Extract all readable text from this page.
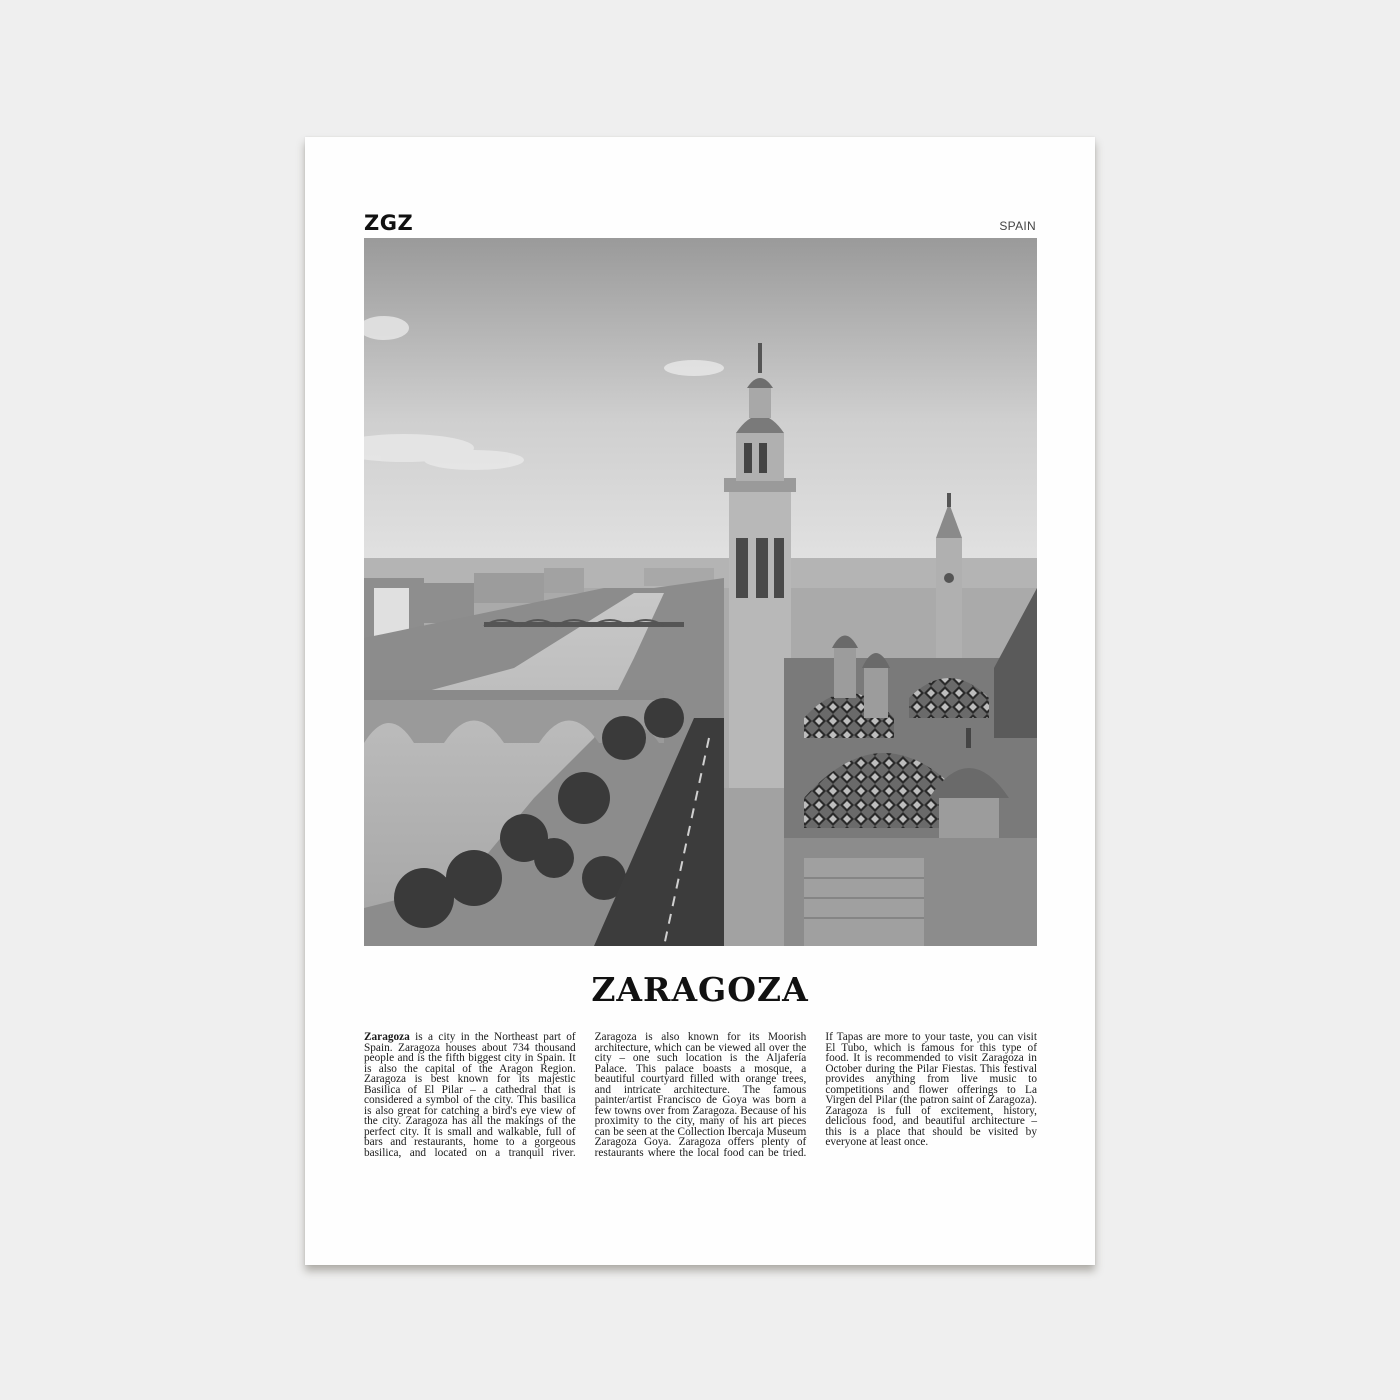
ZGZ	SPAIN
ZARAGOZA
Zaragoza is a city in the Northeast part of Spain. Zaragoza houses about 734 thousand people and is the fifth biggest city in Spain. It is also the capital of the Aragon Region. Zaragoza is best known for its majestic Basilica of El Pilar – a cathedral that is considered a symbol of the city. This basilica is also great for catching a bird's eye view of the city. Zaragoza has all the makings of the perfect city. It is small and walkable, full of bars and restaurants, home to a gorgeous basilica, and located on a tranquil river. Zaragoza is also known for its Moorish architecture, which can be viewed all over the city – one such location is the Aljafería Palace. This palace boasts a mosque, a beautiful courtyard filled with orange trees, and intricate architecture. The famous painter/artist Francisco de Goya was born a few towns over from Zaragoza. Because of his proximity to the city, many of his art pieces can be seen at the Collection Ibercaja Museum Zaragoza Goya. Zaragoza offers plenty of restaurants where the local food can be tried. If Tapas are more to your taste, you can visit El Tubo, which is famous for this type of food. It is recommended to visit Zaragoza in October during the Pilar Fiestas. This festival provides anything from live music to competitions and flower offerings to La Virgen del Pilar (the patron saint of Zaragoza). Zaragoza is full of excitement, history, delicious food, and beautiful architecture – this is a place that should be visited by everyone at least once.
